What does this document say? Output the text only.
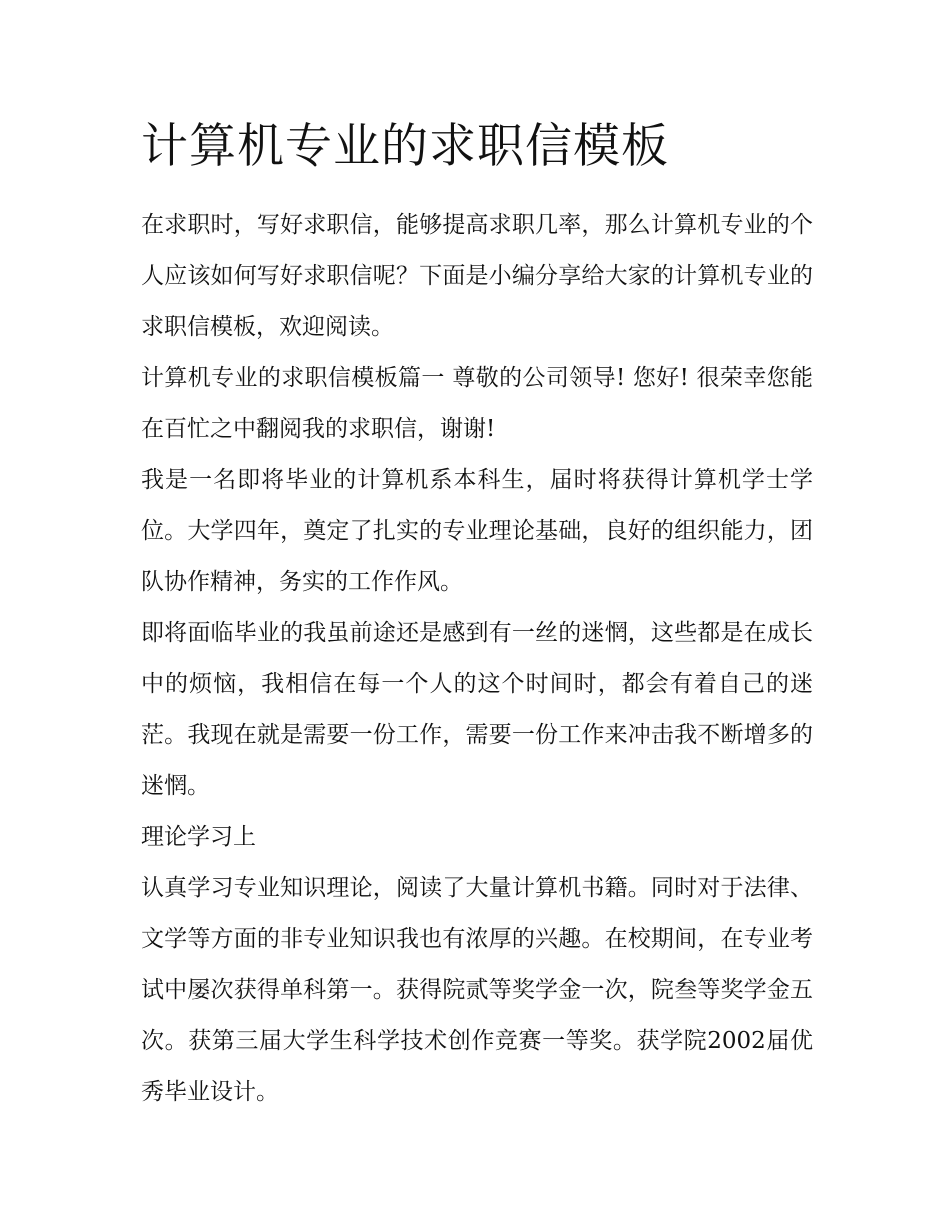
计算机专业的求职信模板

在求职时，写好求职信，能够提高求职几率，那么计算机专业的个人应该如何写好求职信呢？下面是小编分享给大家的计算机专业的求职信模板，欢迎阅读。

计算机专业的求职信模板篇一 尊敬的公司领导! 您好! 很荣幸您能在百忙之中翻阅我的求职信，谢谢!

我是一名即将毕业的计算机系本科生，届时将获得计算机学士学位。大学四年，奠定了扎实的专业理论基础，良好的组织能力，团队协作精神，务实的工作作风。

即将面临毕业的我虽前途还是感到有一丝的迷惘，这些都是在成长中的烦恼，我相信在每一个人的这个时间时，都会有着自己的迷茫。我现在就是需要一份工作，需要一份工作来冲击我不断增多的迷惘。

理论学习上

认真学习专业知识理论，阅读了大量计算机书籍。同时对于法律、文学等方面的非专业知识我也有浓厚的兴趣。在校期间，在专业考试中屡次获得单科第一。获得院贰等奖学金一次，院叁等奖学金五次。获第三届大学生科学技术创作竞赛一等奖。获学院2002届优秀毕业设计。
